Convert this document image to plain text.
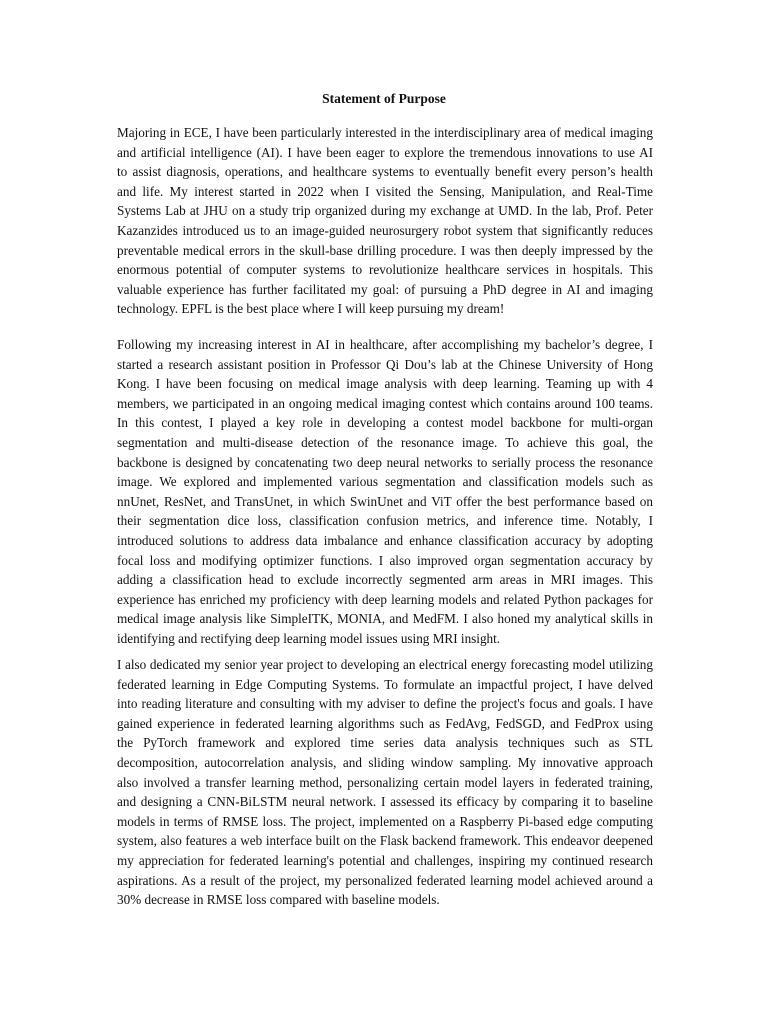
Statement of Purpose
Majoring in ECE, I have been particularly interested in the interdisciplinary area of medical imaging
and artificial intelligence (AI). I have been eager to explore the tremendous innovations to use AI
to assist diagnosis, operations, and healthcare systems to eventually benefit every person’s health
and life. My interest started in 2022 when I visited the Sensing, Manipulation, and Real-Time
Systems Lab at JHU on a study trip organized during my exchange at UMD. In the lab, Prof. Peter
Kazanzides introduced us to an image-guided neurosurgery robot system that significantly reduces
preventable medical errors in the skull-base drilling procedure. I was then deeply impressed by the
enormous potential of computer systems to revolutionize healthcare services in hospitals. This
valuable experience has further facilitated my goal: of pursuing a PhD degree in AI and imaging
technology. EPFL is the best place where I will keep pursuing my dream!
Following my increasing interest in AI in healthcare, after accomplishing my bachelor’s degree, I
started a research assistant position in Professor Qi Dou’s lab at the Chinese University of Hong
Kong. I have been focusing on medical image analysis with deep learning. Teaming up with 4
members, we participated in an ongoing medical imaging contest which contains around 100 teams.
In this contest, I played a key role in developing a contest model backbone for multi-organ
segmentation and multi-disease detection of the resonance image. To achieve this goal, the
backbone is designed by concatenating two deep neural networks to serially process the resonance
image. We explored and implemented various segmentation and classification models such as
nnUnet, ResNet, and TransUnet, in which SwinUnet and ViT offer the best performance based on
their segmentation dice loss, classification confusion metrics, and inference time. Notably, I
introduced solutions to address data imbalance and enhance classification accuracy by adopting
focal loss and modifying optimizer functions. I also improved organ segmentation accuracy by
adding a classification head to exclude incorrectly segmented arm areas in MRI images. This
experience has enriched my proficiency with deep learning models and related Python packages for
medical image analysis like SimpleITK, MONIA, and MedFM. I also honed my analytical skills in
identifying and rectifying deep learning model issues using MRI insight.
I also dedicated my senior year project to developing an electrical energy forecasting model utilizing
federated learning in Edge Computing Systems. To formulate an impactful project, I have delved
into reading literature and consulting with my adviser to define the project's focus and goals. I have
gained experience in federated learning algorithms such as FedAvg, FedSGD, and FedProx using
the PyTorch framework and explored time series data analysis techniques such as STL
decomposition, autocorrelation analysis, and sliding window sampling. My innovative approach
also involved a transfer learning method, personalizing certain model layers in federated training,
and designing a CNN-BiLSTM neural network. I assessed its efficacy by comparing it to baseline
models in terms of RMSE loss. The project, implemented on a Raspberry Pi-based edge computing
system, also features a web interface built on the Flask backend framework. This endeavor deepened
my appreciation for federated learning's potential and challenges, inspiring my continued research
aspirations. As a result of the project, my personalized federated learning model achieved around a
30% decrease in RMSE loss compared with baseline models.
